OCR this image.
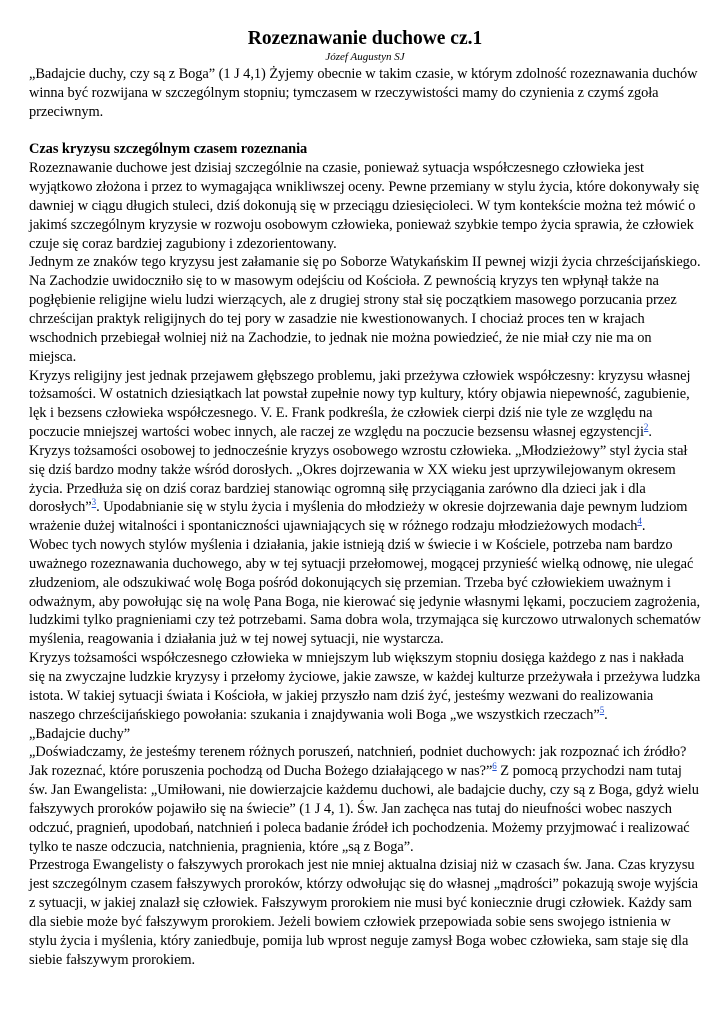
Rozeznawanie duchowe cz.1
Józef Augustyn SJ

„Badajcie duchy, czy są z Boga” (1 J 4,1) Żyjemy obecnie w takim czasie, w którym zdolność rozeznawania duchów winna być rozwijana w szczególnym stopniu; tymczasem w rzeczywistości mamy do czynienia z czymś zgoła przeciwnym.

Czas kryzysu szczególnym czasem rozeznania

Rozeznawanie duchowe jest dzisiaj szczególnie na czasie, ponieważ sytuacja współczesnego człowieka jest wyjątkowo złożona i przez to wymagająca wnikliwszej oceny. Pewne przemiany w stylu życia, które dokonywały się dawniej w ciągu długich stuleci, dziś dokonują się w przeciągu dziesięcioleci. W tym kontekście można też mówić o jakimś szczególnym kryzysie w rozwoju osobowym człowieka, ponieważ szybkie tempo życia sprawia, że człowiek czuje się coraz bardziej zagubiony i zdezorientowany.

Jednym ze znaków tego kryzysu jest załamanie się po Soborze Watykańskim II pewnej wizji życia chrześcijańskiego. Na Zachodzie uwidoczniło się to w masowym odejściu od Kościoła. Z pewnością kryzys ten wpłynął także na pogłębienie religijne wielu ludzi wierzących, ale z drugiej strony stał się początkiem masowego porzucania przez chrześcijan praktyk religijnych do tej pory w zasadzie nie kwestionowanych. I chociaż proces ten w krajach wschodnich przebiegał wolniej niż na Zachodzie, to jednak nie można powiedzieć, że nie miał czy nie ma on miejsca.

Kryzys religijny jest jednak przejawem głębszego problemu, jaki przeżywa człowiek współczesny: kryzysu własnej tożsamości. W ostatnich dziesiątkach lat powstał zupełnie nowy typ kultury, który objawia niepewność, zagubienie, lęk i bezsens człowieka współczesnego. V. E. Frank podkreśla, że człowiek cierpi dziś nie tyle ze względu na poczucie mniejszej wartości wobec innych, ale raczej ze względu na poczucie bezsensu własnej egzystencji$^2$.

Kryzys tożsamości osobowej to jednocześnie kryzys osobowego wzrostu człowieka. „Młodzieżowy” styl życia stał się dziś bardzo modny także wśród dorosłych. „Okres dojrzewania w XX wieku jest uprzywilejowanym okresem życia. Przedłuża się on dziś coraz bardziej stanowiąc ogromną siłę przyciągania zarówno dla dzieci jak i dla dorosłych”$^3$. Upodabnianie się w stylu życia i myślenia do młodzieży w okresie dojrzewania daje pewnym ludziom wrażenie dużej witalności i spontaniczności ujawniających się w różnego rodzaju młodzieżowych modach$^4$.

Wobec tych nowych stylów myślenia i działania, jakie istnieją dziś w świecie i w Kościele, potrzeba nam bardzo uważnego rozeznawania duchowego, aby w tej sytuacji przełomowej, mogącej przynieść wielką odnowę, nie ulegać złudzeniom, ale odszukiwać wolę Boga pośród dokonujących się przemian. Trzeba być człowiekiem uważnym i odważnym, aby powołując się na wolę Pana Boga, nie kierować się jedynie własnymi lękami, poczuciem zagrożenia, ludzkimi tylko pragnieniami czy też potrzebami. Sama dobra wola, trzymająca się kurczowo utrwalonych schematów myślenia, reagowania i działania już w tej nowej sytuacji, nie wystarcza.

Kryzys tożsamości współczesnego człowieka w mniejszym lub większym stopniu dosięga każdego z nas i nakłada się na zwyczajne ludzkie kryzysy i przełomy życiowe, jakie zawsze, w każdej kulturze przeżywała i przeżywa ludzka istota. W takiej sytuacji świata i Kościoła, w jakiej przyszło nam dziś żyć, jesteśmy wezwani do realizowania naszego chrześcijańskiego powołania: szukania i znajdywania woli Boga „we wszystkich rzeczach”$^5$.

„Badajcie duchy”

„Doświadczamy, że jesteśmy terenem różnych poruszeń, natchnień, podniet duchowych: jak rozpoznać ich źródło? Jak rozeznać, które poruszenia pochodzą od Ducha Bożego działającego w nas?”$^6$ Z pomocą przychodzi nam tutaj św. Jan Ewangelista: „Umiłowani, nie dowierzajcie każdemu duchowi, ale badajcie duchy, czy są z Boga, gdyż wielu fałszywych proroków pojawiło się na świecie” (1 J 4, 1). Św. Jan zachęca nas tutaj do nieufności wobec naszych odczuć, pragnień, upodobań, natchnień i poleca badanie źródeł ich pochodzenia. Możemy przyjmować i realizować tylko te nasze odczucia, natchnienia, pragnienia, które „są z Boga”.

Przestroga Ewangelisty o fałszywych prorokach jest nie mniej aktualna dzisiaj niż w czasach św. Jana. Czas kryzysu jest szczególnym czasem fałszywych proroków, którzy odwołując się do własnej „mądrości” pokazują swoje wyjścia z sytuacji, w jakiej znalazł się człowiek. Fałszywym prorokiem nie musi być koniecznie drugi człowiek. Każdy sam dla siebie może być fałszywym prorokiem. Jeżeli bowiem człowiek przepowiada sobie sens swojego istnienia w stylu życia i myślenia, który zaniedbuje, pomija lub wprost neguje zamysł Boga wobec człowieka, sam staje się dla siebie fałszywym prorokiem.
